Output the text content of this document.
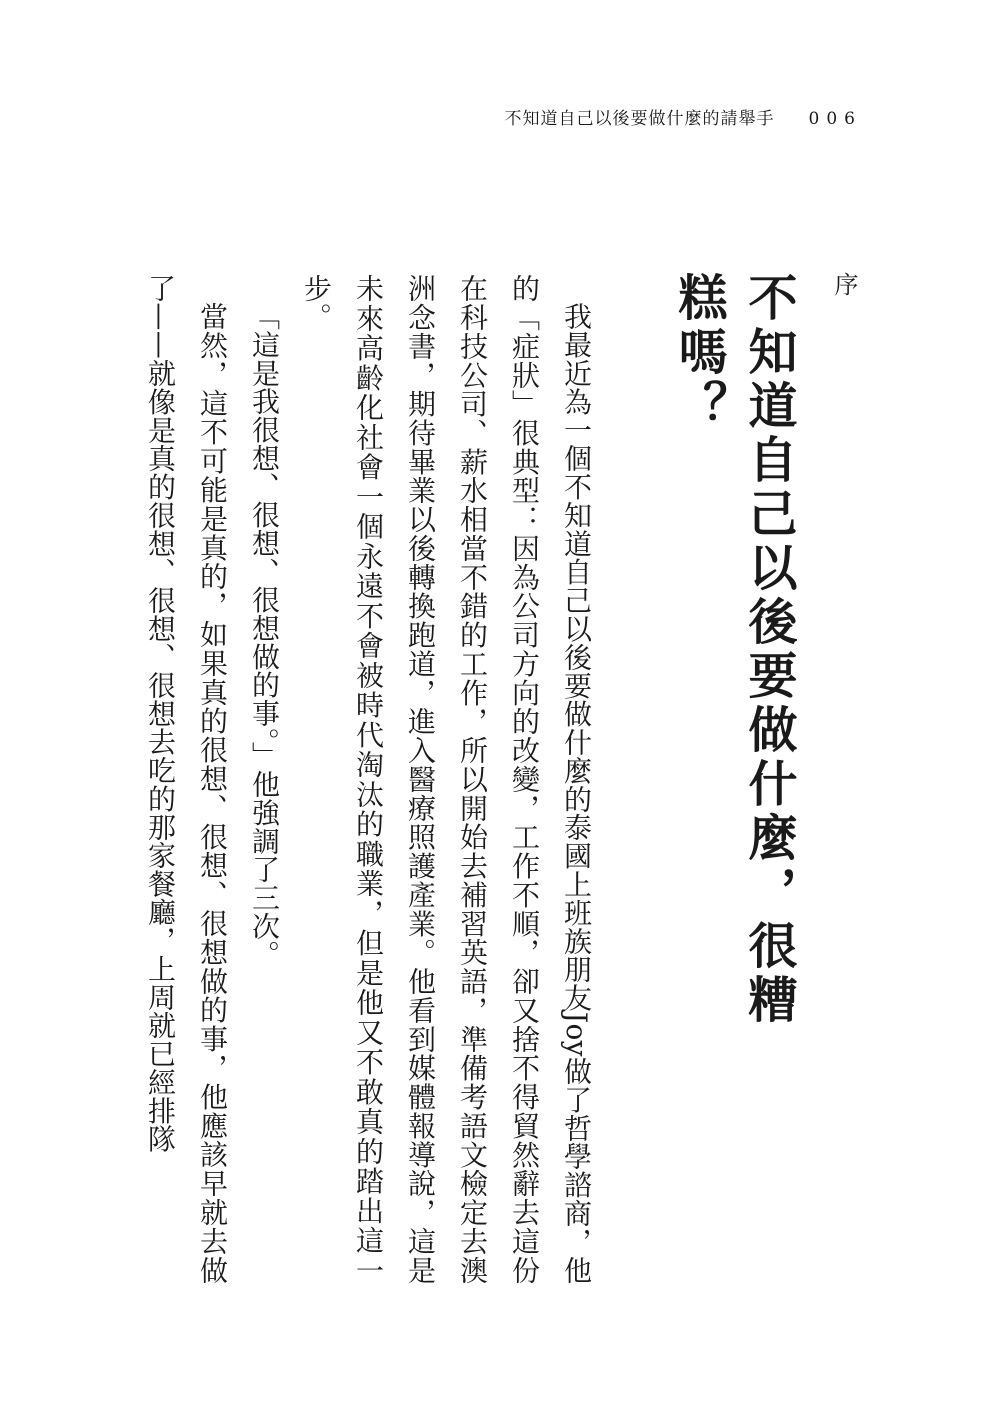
不知道自己以後要做什麼的請舉手 006
序
不知道自己以後要做什麼，很糟糕嗎？

我最近為一個不知道自己以後要做什麼的泰國上班族朋友Joy做了哲學諮商，他的「症狀」很典型：因為公司方向的改變，工作不順，卻又捨不得貿然辭去這份在科技公司、薪水相當不錯的工作，所以開始去補習英語，準備考語文檢定去澳洲念書，期待畢業以後轉換跑道，進入醫療照護產業。他看到媒體報導說，這是未來高齡化社會一個永遠不會被時代淘汰的職業，但是他又不敢真的踏出這一步。

「這是我很想、很想、很想做的事。」他強調了三次。

當然，這不可能是真的，如果真的很想、很想、很想做的事，他應該早就去做了——就像是真的很想、很想、很想去吃的那家餐廳，上周就已經排隊
